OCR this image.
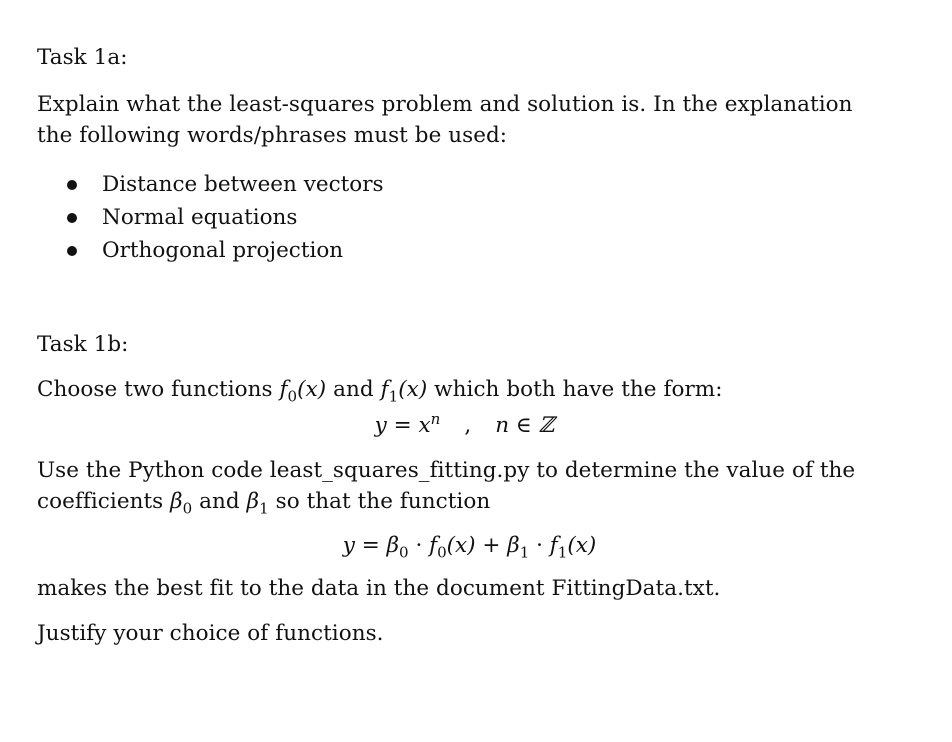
Task 1a:

Explain what the least-squares problem and solution is. In the explanation the following words/phrases must be used:

Distance between vectors
Normal equations
Orthogonal projection

Task 1b:

Choose two functions $f_0(x)$ and $f_1(x)$ which both have the form:

$y = x^n$ , n ∈ ℤ

Use the Python code least_squares_fitting.py to determine the value of the coefficients $\beta_0$ and $\beta_1$ so that the function

$y = \beta_0 \cdot f_0(x) + \beta_1 \cdot f_1(x)$

makes the best fit to the data in the document FittingData.txt.

Justify your choice of functions.
